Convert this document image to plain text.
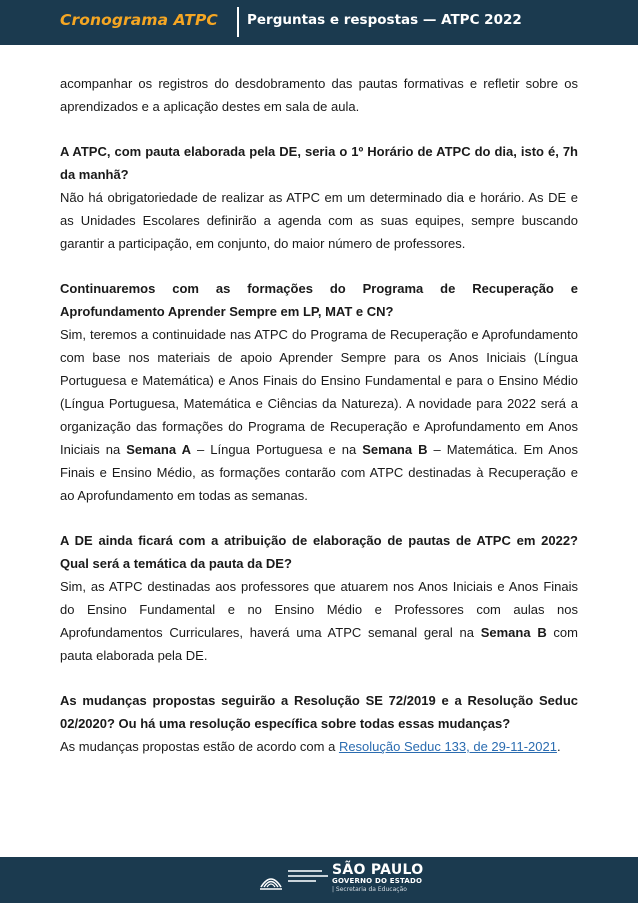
Cronograma ATPC Perguntas e respostas — ATPC 2022

acompanhar os registros do desdobramento das pautas formativas e refletir sobre os aprendizados e a aplicação destes em sala de aula.

A ATPC, com pauta elaborada pela DE, seria o 1º Horário de ATPC do dia, isto é, 7h da manhã?

Não há obrigatoriedade de realizar as ATPC em um determinado dia e horário. As DE e as Unidades Escolares definirão a agenda com as suas equipes, sempre buscando garantir a participação, em conjunto, do maior número de professores.

Continuaremos com as formações do Programa de Recuperação e Aprofundamento Aprender Sempre em LP, MAT e CN?

Sim, teremos a continuidade nas ATPC do Programa de Recuperação e Aprofundamento com base nos materiais de apoio Aprender Sempre para os Anos Iniciais (Língua Portuguesa e Matemática) e Anos Finais do Ensino Fundamental e para o Ensino Médio (Língua Portuguesa, Matemática e Ciências da Natureza). A novidade para 2022 será a organização das formações do Programa de Recuperação e Aprofundamento em Anos Iniciais na Semana A – Língua Portuguesa e na Semana B – Matemática. Em Anos Finais e Ensino Médio, as formações contarão com ATPC destinadas à Recuperação e ao Aprofundamento em todas as semanas.

A DE ainda ficará com a atribuição de elaboração de pautas de ATPC em 2022? Qual será a temática da pauta da DE?

Sim, as ATPC destinadas aos professores que atuarem nos Anos Iniciais e Anos Finais do Ensino Fundamental e no Ensino Médio e Professores com aulas nos Aprofundamentos Curriculares, haverá uma ATPC semanal geral na Semana B com pauta elaborada pela DE.

As mudanças propostas seguirão a Resolução SE 72/2019 e a Resolução Seduc 02/2020? Ou há uma resolução específica sobre todas essas mudanças?

As mudanças propostas estão de acordo com a Resolução Seduc 133, de 29-11-2021.

SÃO PAULO
GOVERNO DO ESTADO
| Secretaria da Educação
